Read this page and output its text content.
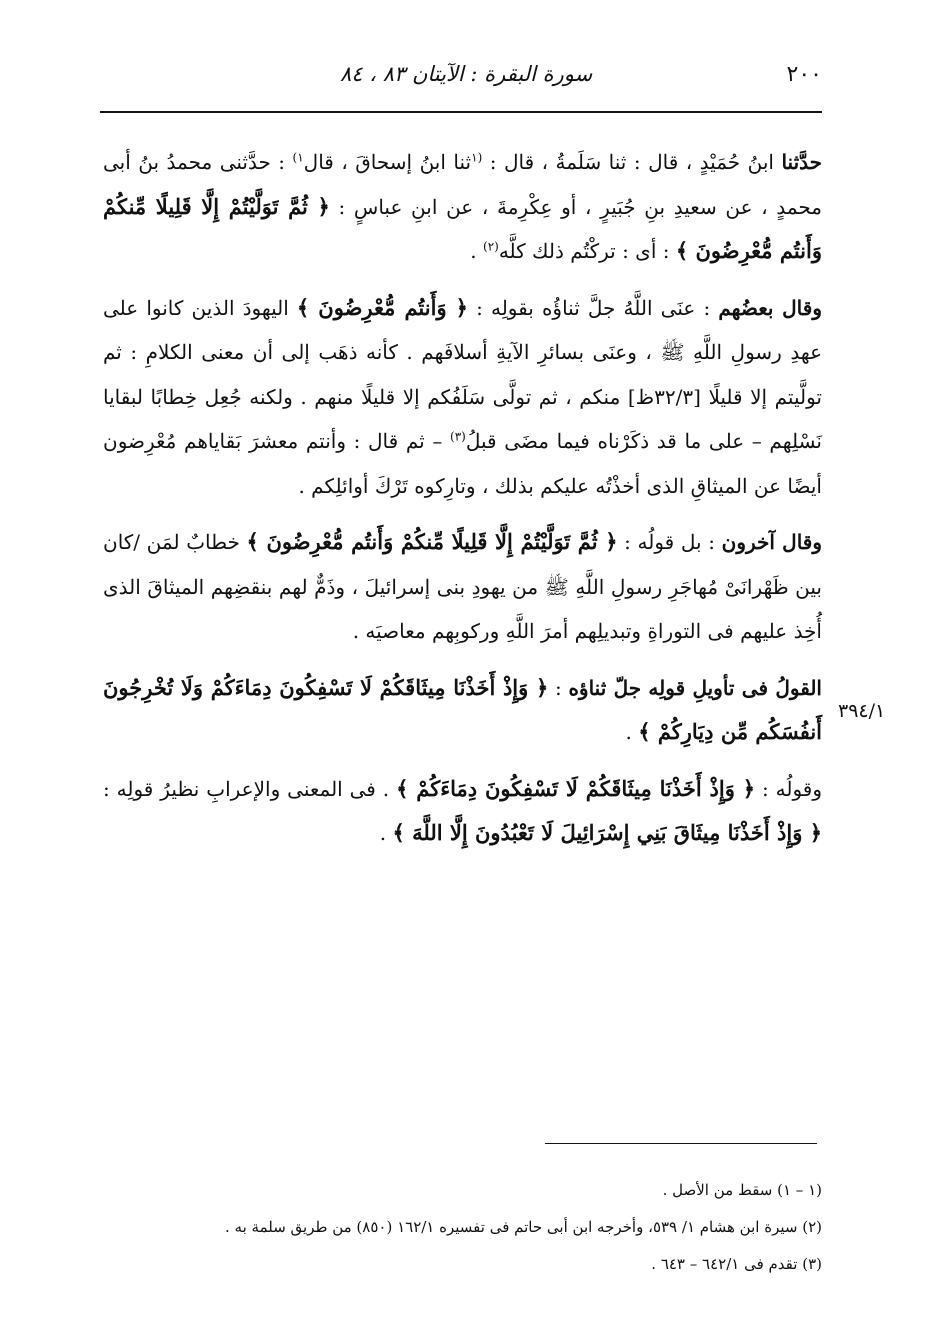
٢٠٠
سورة البقرة : الآيتان ٨٣ ، ٨٤

حدَّثنا ابنُ حُمَيْدٍ ، قال : ثنا سَلَمةُ ، قال : $^{(١}$ثنا ابنُ إسحاقَ ، قال$^{١)}$ : حدَّثنى محمدُ بنُ أبى محمدٍ ، عن سعيدِ بنِ جُبَيرٍ ، أو عِكْرِمةَ ، عن ابنِ عباسٍ : ﴿ ثُمَّ تَوَلَّيْتُمْ إِلَّا قَلِيلًا مِّنكُمْ وَأَنتُم مُّعْرِضُونَ ﴾ : أى : تركْتُم ذلك كلَّه$^{(٢)}$ .

وقال بعضُهم : عنَى اللَّهُ جلَّ ثناؤُه بقولِه : ﴿ وَأَنتُم مُّعْرِضُونَ ﴾ اليهودَ الذين كانوا على عهدِ رسولِ اللَّهِ ﷺ ، وعنَى بسائرِ الآيةِ أسلافَهم . كأنه ذهَب إلى أن معنى الكلامِ : ثم تولَّيتم إلا قليلًا [٣٢/٣ظ] منكم ، ثم تولَّى سَلَفُكم إلا قليلًا منهم . ولكنه جُعِل خِطابًا لبقايا نَسْلِهم – على ما قد ذكَرْناه فيما مضَى قبلُ$^{(٣)}$ – ثم قال : وأنتم معشرَ بَقاياهم مُعْرِضون أيضًا عن الميثاقِ الذى أخذْتُه عليكم بذلك ، وتارِكوه تَرْكَ أوائلِكم .

وقال آخرون : بل قولُه : ﴿ ثُمَّ تَوَلَّيْتُمْ إِلَّا قَلِيلًا مِّنكُمْ وَأَنتُم مُّعْرِضُونَ ﴾ خطابٌ لمَن /كان بين ظَهْرانَىْ مُهاجَرِ رسولِ اللَّهِ ﷺ من يهودِ بنى إسرائيلَ ، وذَمٌّ لهم بنقضِهم الميثاقَ الذى أُخِذ عليهم فى التوراةِ وتبديلِهم أمرَ اللَّهِ وركوبِهم معاصيَه .

القولُ فى تأويلِ قولِه جلّ ثناؤه : ﴿ وَإِذْ أَخَذْنَا مِيثَاقَكُمْ لَا تَسْفِكُونَ دِمَاءَكُمْ وَلَا تُخْرِجُونَ أَنفُسَكُم مِّن دِيَارِكُمْ ﴾ .

وقولُه : ﴿ وَإِذْ أَخَذْنَا مِيثَاقَكُمْ لَا تَسْفِكُونَ دِمَاءَكُمْ ﴾ . فى المعنى والإعرابِ نظيرُ قولِه : ﴿ وَإِذْ أَخَذْنَا مِيثَاقَ بَنِي إِسْرَائِيلَ لَا تَعْبُدُونَ إِلَّا اللَّهَ ﴾ .

٣٩٤/١

(١ – ١) سقط من الأصل .

(٢) سيرة ابن هشام ١/ ٥٣٩، وأخرجه ابن أبى حاتم فى تفسيره ١٦٢/١ (٨٥٠) من طريق سلمة به .

(٣) تقدم فى ٦٤٢/١ – ٦٤٣ .
